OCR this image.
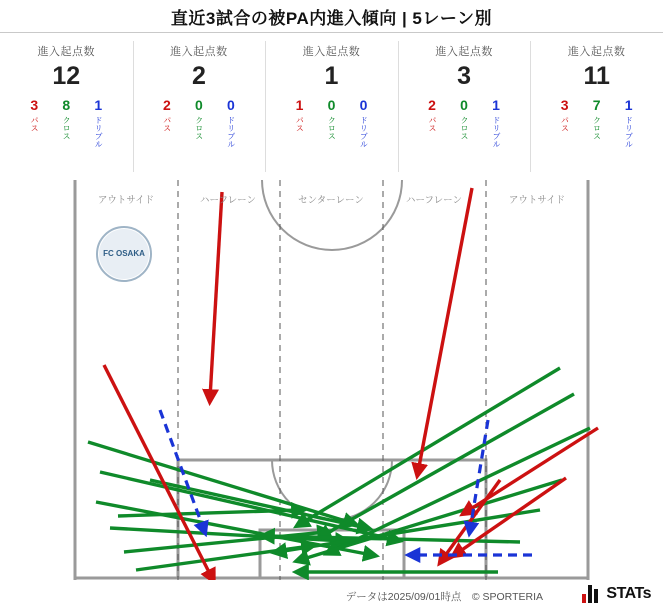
直近3試合の被PA内進入傾向 | 5レーン別
進入起点数
12
3
パス
8
クロス
1
ドリブル
進入起点数
2
2
パス
0
クロス
0
ドリブル
進入起点数
1
1
パス
0
クロス
0
ドリブル
進入起点数
3
2
パス
0
クロス
1
ドリブル
進入起点数
11
3
パス
7
クロス
1
ドリブル
アウトサイド	ハーフレーン	センターレーン	ハーフレーン	アウトサイド
FC OSAKA
データは2025/09/01時点　© SPORTERIA	STATs
